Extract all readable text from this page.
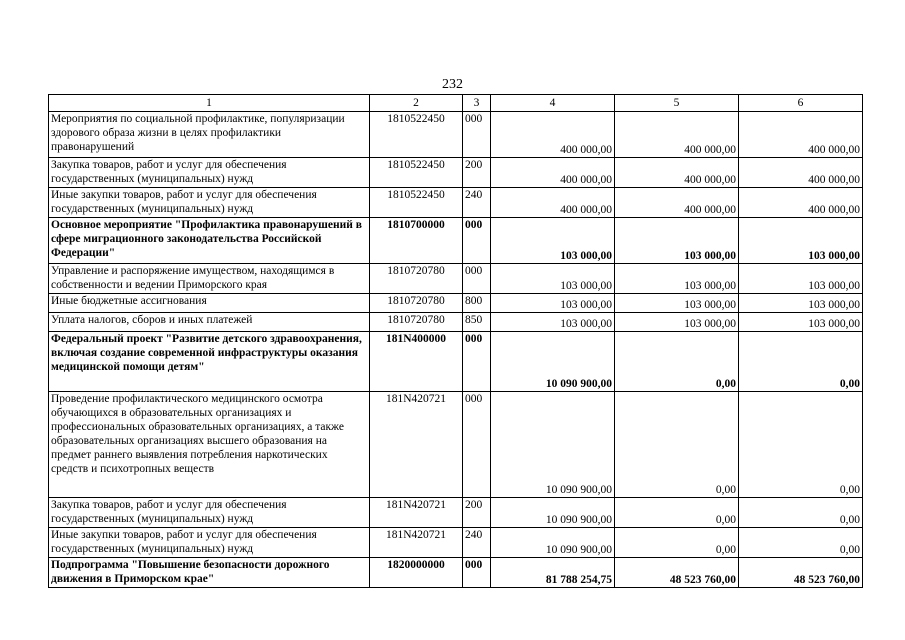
232
1	2	3	4	5	6
Мероприятия по социальной профилактике, популяризации здорового образа жизни в целях профилактики правонарушений	1810522450	000	400 000,00	400 000,00	400 000,00
Закупка товаров, работ и услуг для обеспечения государственных (муниципальных) нужд	1810522450	200	400 000,00	400 000,00	400 000,00
Иные закупки товаров, работ и услуг для обеспечения государственных (муниципальных) нужд	1810522450	240	400 000,00	400 000,00	400 000,00
Основное мероприятие "Профилактика правонарушений в сфере миграционного законодательства Российской Федерации"	1810700000	000	103 000,00	103 000,00	103 000,00
Управление и распоряжение имуществом, находящимся в собственности и ведении Приморского края	1810720780	000	103 000,00	103 000,00	103 000,00
Иные бюджетные ассигнования	1810720780	800	103 000,00	103 000,00	103 000,00
Уплата налогов, сборов и иных платежей	1810720780	850	103 000,00	103 000,00	103 000,00
Федеральный проект "Развитие детского здравоохранения, включая создание современной инфраструктуры оказания медицинской помощи детям"	181N400000	000	10 090 900,00	0,00	0,00
Проведение профилактического медицинского осмотра обучающихся в образовательных организациях и профессиональных образовательных организациях, а также образовательных организациях высшего образования на предмет раннего выявления потребления наркотических средств и психотропных веществ	181N420721	000	10 090 900,00	0,00	0,00
Закупка товаров, работ и услуг для обеспечения государственных (муниципальных) нужд	181N420721	200	10 090 900,00	0,00	0,00
Иные закупки товаров, работ и услуг для обеспечения государственных (муниципальных) нужд	181N420721	240	10 090 900,00	0,00	0,00
Подпрограмма "Повышение безопасности дорожного движения в Приморском крае"	1820000000	000	81 788 254,75	48 523 760,00	48 523 760,00
